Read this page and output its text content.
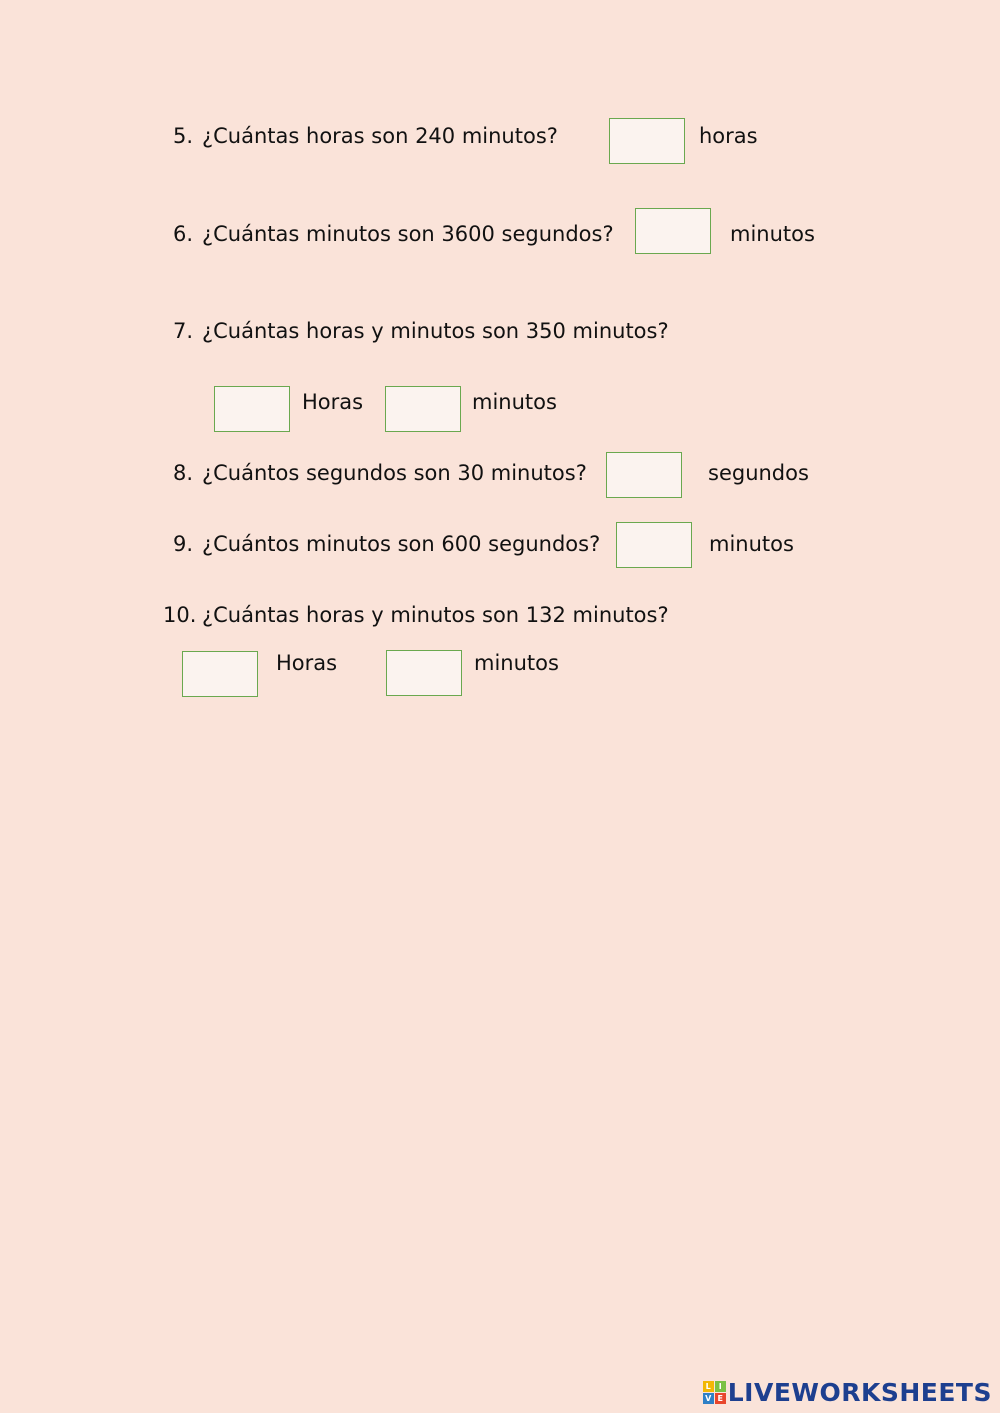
5. ¿Cuántas horas son 240 minutos?	horas
6. ¿Cuántas minutos son 3600 segundos?	minutos
7. ¿Cuántas horas y minutos son 350 minutos?
Horas	minutos
8. ¿Cuántos segundos son 30 minutos?	segundos
9. ¿Cuántos minutos son 600 segundos?	minutos
10. ¿Cuántas horas y minutos son 132 minutos?
Horas	minutos
L I
V E LIVEWORKSHEETS
